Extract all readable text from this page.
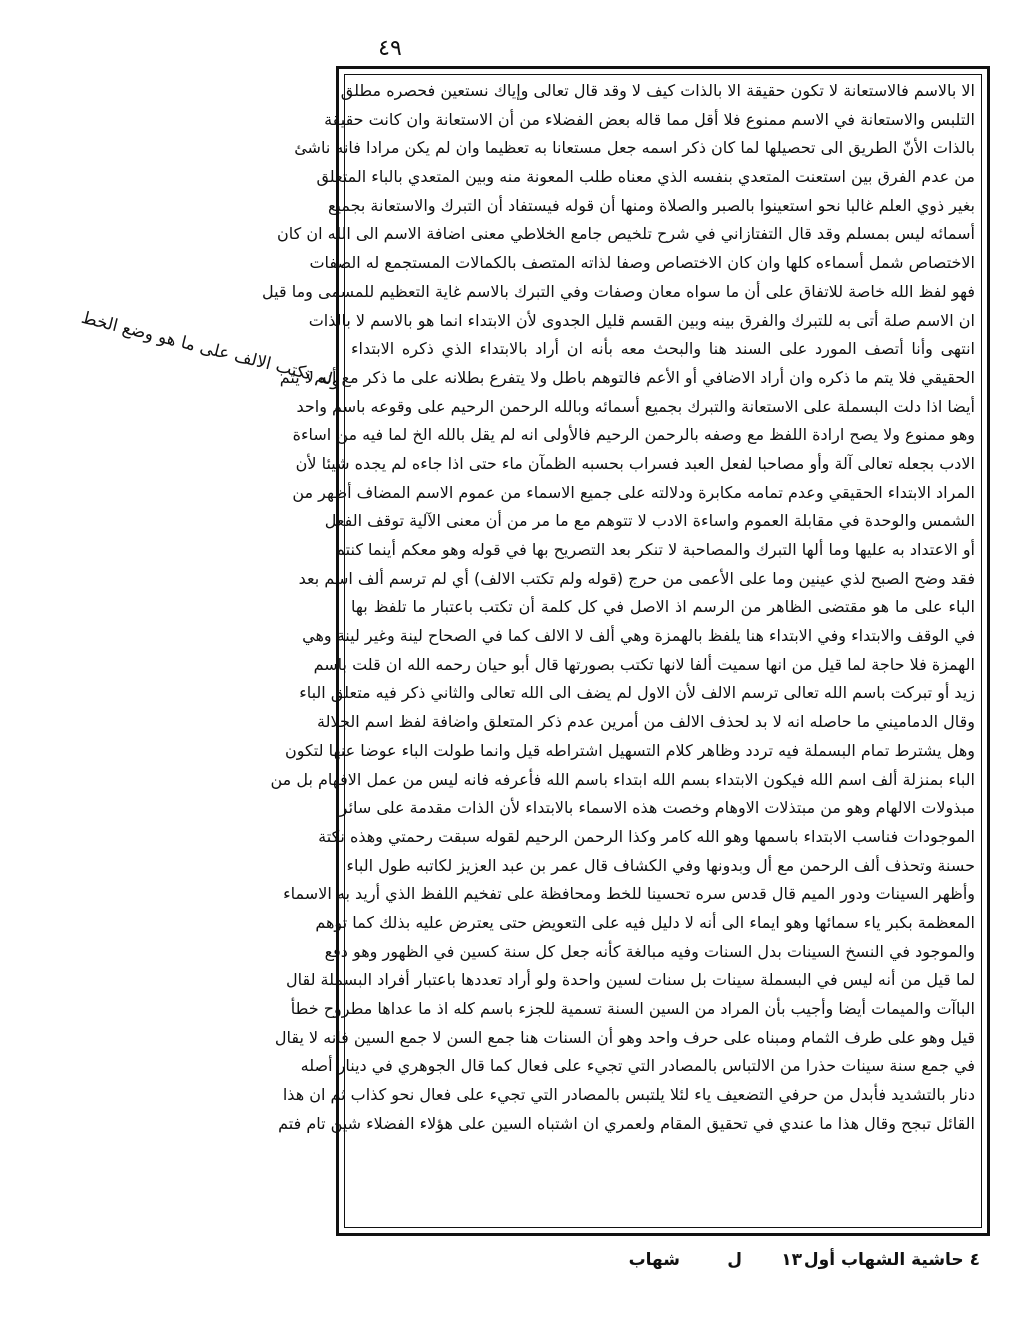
٤٩
ولم تكتب الالف على ما هو وضع الخط
الا بالاسم فالاستعانة لا تكون حقيقة الا بالذات كيف لا وقد قال تعالى وإياك نستعين فحصره مطلق
التلبس والاستعانة في الاسم ممنوع فلا أقل مما قاله بعض الفضلاء من أن الاستعانة وان كانت حقيقة
بالذات الأنّ الطريق الى تحصيلها لما كان ذكر اسمه جعل مستعانا به تعظيما وان لم يكن مرادا فانه ناشئ
من عدم الفرق بين استعنت المتعدي بنفسه الذي معناه طلب المعونة منه وبين المتعدي بالباء المتعلق
بغير ذوي العلم غالبا نحو استعينوا بالصبر والصلاة ومنها أن قوله فيستفاد أن التبرك والاستعانة بجميع
أسمائه ليس بمسلم وقد قال التفتازاني في شرح تلخيص جامع الخلاطي معنى اضافة الاسم الى الله ان كان
الاختصاص شمل أسماءه كلها وان كان الاختصاص وصفا لذاته المتصف بالكمالات المستجمع له الصفات
فهو لفظ الله خاصة للاتفاق على أن ما سواه معان وصفات وفي التبرك بالاسم غاية التعظيم للمسمى وما قيل
ان الاسم صلة أتى به للتبرك والفرق بينه وبين القسم قليل الجدوى لأن الابتداء انما هو بالاسم لا بالذات
انتهى وأنا أتصف المورد على السند هنا والبحث معه بأنه ان أراد بالابتداء الذي ذكره الابتداء
الحقيقي فلا يتم ما ذكره وان أراد الاضافي أو الأعم فالتوهم باطل ولا يتفرع بطلانه على ما ذكر مع أنه لا يتم
أيضا اذا دلت البسملة على الاستعانة والتبرك بجميع أسمائه وبالله الرحمن الرحيم على وقوعه باسم واحد
وهو ممنوع ولا يصح ارادة اللفظ مع وصفه بالرحمن الرحيم فالأولى انه لم يقل بالله الخ لما فيه من اساءة
الادب بجعله تعالى آلة وأو مصاحبا لفعل العبد فسراب بحسبه الظمآن ماء حتى اذا جاءه لم يجده شيئا لأن
المراد الابتداء الحقيقي وعدم تمامه مكابرة ودلالته على جميع الاسماء من عموم الاسم المضاف أظهر من
الشمس والوحدة في مقابلة العموم واساءة الادب لا تتوهم مع ما مر من أن معنى الآلية توقف الفعل
أو الاعتداد به عليها وما ألها التبرك والمصاحبة لا تنكر بعد التصريح بها في قوله وهو معكم أينما كنتم
فقد وضح الصبح لذي عينين وما على الأعمى من حرج (قوله ولم تكتب الالف) أي لم ترسم ألف اسم بعد
الباء على ما هو مقتضى الظاهر من الرسم اذ الاصل في كل كلمة أن تكتب باعتبار ما تلفظ بها
في الوقف والابتداء وفي الابتداء هنا يلفظ بالهمزة وهي ألف لا الالف كما في الصحاح لينة وغير لينة وهي
الهمزة فلا حاجة لما قيل من انها سميت ألفا لانها تكتب بصورتها قال أبو حيان رحمه الله ان قلت باسم
زيد أو تبركت باسم الله تعالى ترسم الالف لأن الاول لم يضف الى الله تعالى والثاني ذكر فيه متعلق الباء
وقال الدماميني ما حاصله انه لا بد لحذف الالف من أمرين عدم ذكر المتعلق واضافة لفظ اسم الجلالة
وهل يشترط تمام البسملة فيه تردد وظاهر كلام التسهيل اشتراطه قيل وانما طولت الباء عوضا عنها لتكون
الباء بمنزلة ألف اسم الله فيكون الابتداء بسم الله ابتداء باسم الله فأعرفه فانه ليس من عمل الافهام بل من
مبذولات الالهام وهو من مبتذلات الاوهام وخصت هذه الاسماء بالابتداء لأن الذات مقدمة على سائر
الموجودات فناسب الابتداء باسمها وهو الله كامر وكذا الرحمن الرحيم لقوله سبقت رحمتي وهذه نكتة
حسنة وتحذف ألف الرحمن مع أل وبدونها وفي الكشاف قال عمر بن عبد العزيز لكاتبه طول الباء
وأظهر السينات ودور الميم قال قدس سره تحسينا للخط ومحافظة على تفخيم اللفظ الذي أريد به الاسماء
المعظمة بكبر ياء سمائها وهو ايماء الى أنه لا دليل فيه على التعويض حتى يعترض عليه بذلك كما توهم
والموجود في النسخ السينات بدل السنات وفيه مبالغة كأنه جعل كل سنة كسين في الظهور وهو دفع
لما قيل من أنه ليس في البسملة سينات بل سنات لسين واحدة ولو أراد تعددها باعتبار أفراد البسملة لقال
الباآت والميمات أيضا وأجيب بأن المراد من السين السنة تسمية للجزء باسم كله اذ ما عداها مطروح خطأ
قيل وهو على طرف الثمام ومبناه على حرف واحد وهو أن السنات هنا جمع السن لا جمع السين فانه لا يقال
في جمع سنة سينات حذرا من الالتباس بالمصادر التي تجيء على فعال كما قال الجوهري في دينار أصله
دنار بالتشديد فأبدل من حرفي التضعيف ياء لئلا يلتبس بالمصادر التي تجيء على فعال نحو كذاب ثم ان هذا
القائل تبجح وقال هذا ما عندي في تحقيق المقام ولعمري ان اشتباه السين على هؤلاء الفضلاء شين تام فتم
٤ حاشية الشهاب أول
١٣
ل
شهاب
